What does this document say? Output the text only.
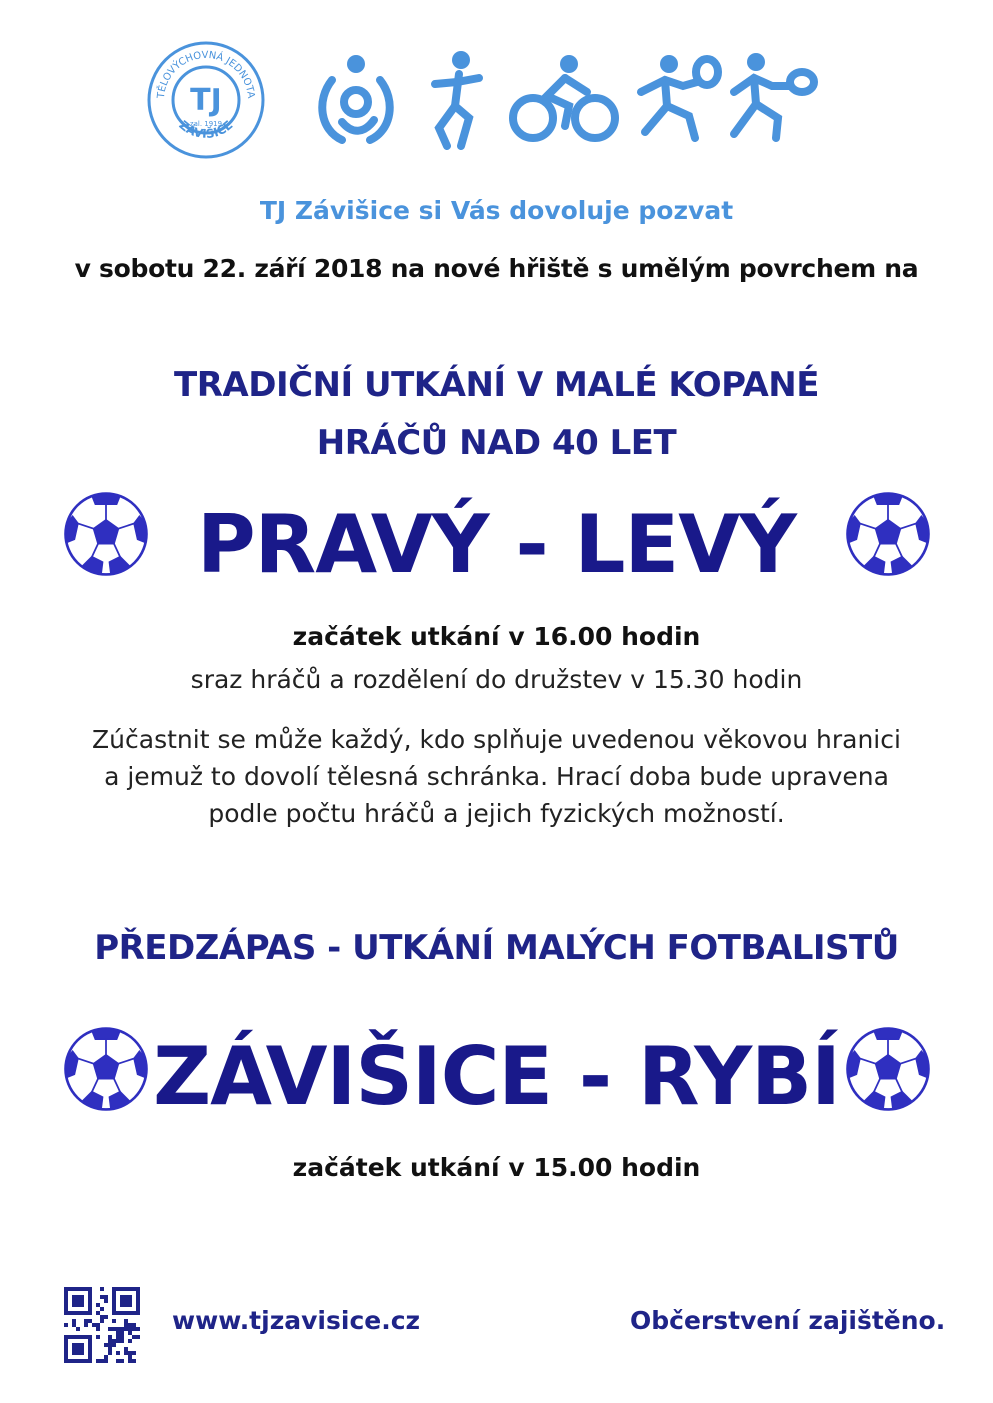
TĚLOVÝCHOVNÁ JEDNOTA
ZÁVIŠICE
TJ
zal. 1919
TJ Závišice si Vás dovoluje pozvat
v sobotu 22. září 2018 na nové hřiště s umělým povrchem na
TRADIČNÍ UTKÁNÍ V MALÉ KOPANÉ
HRÁČŮ NAD 40 LET
PRAVÝ - LEVÝ
začátek utkání v 16.00 hodin
sraz hráčů a rozdělení do družstev v 15.30 hodin
Zúčastnit se může každý, kdo splňuje uvedenou věkovou hranici
a jemuž to dovolí tělesná schránka. Hrací doba bude upravena
podle počtu hráčů a jejich fyzických možností.
PŘEDZÁPAS - UTKÁNÍ MALÝCH FOTBALISTŮ
ZÁVIŠICE - RYBÍ
začátek utkání v 15.00 hodin
www.tjzavisice.cz	Občerstvení zajištěno.
